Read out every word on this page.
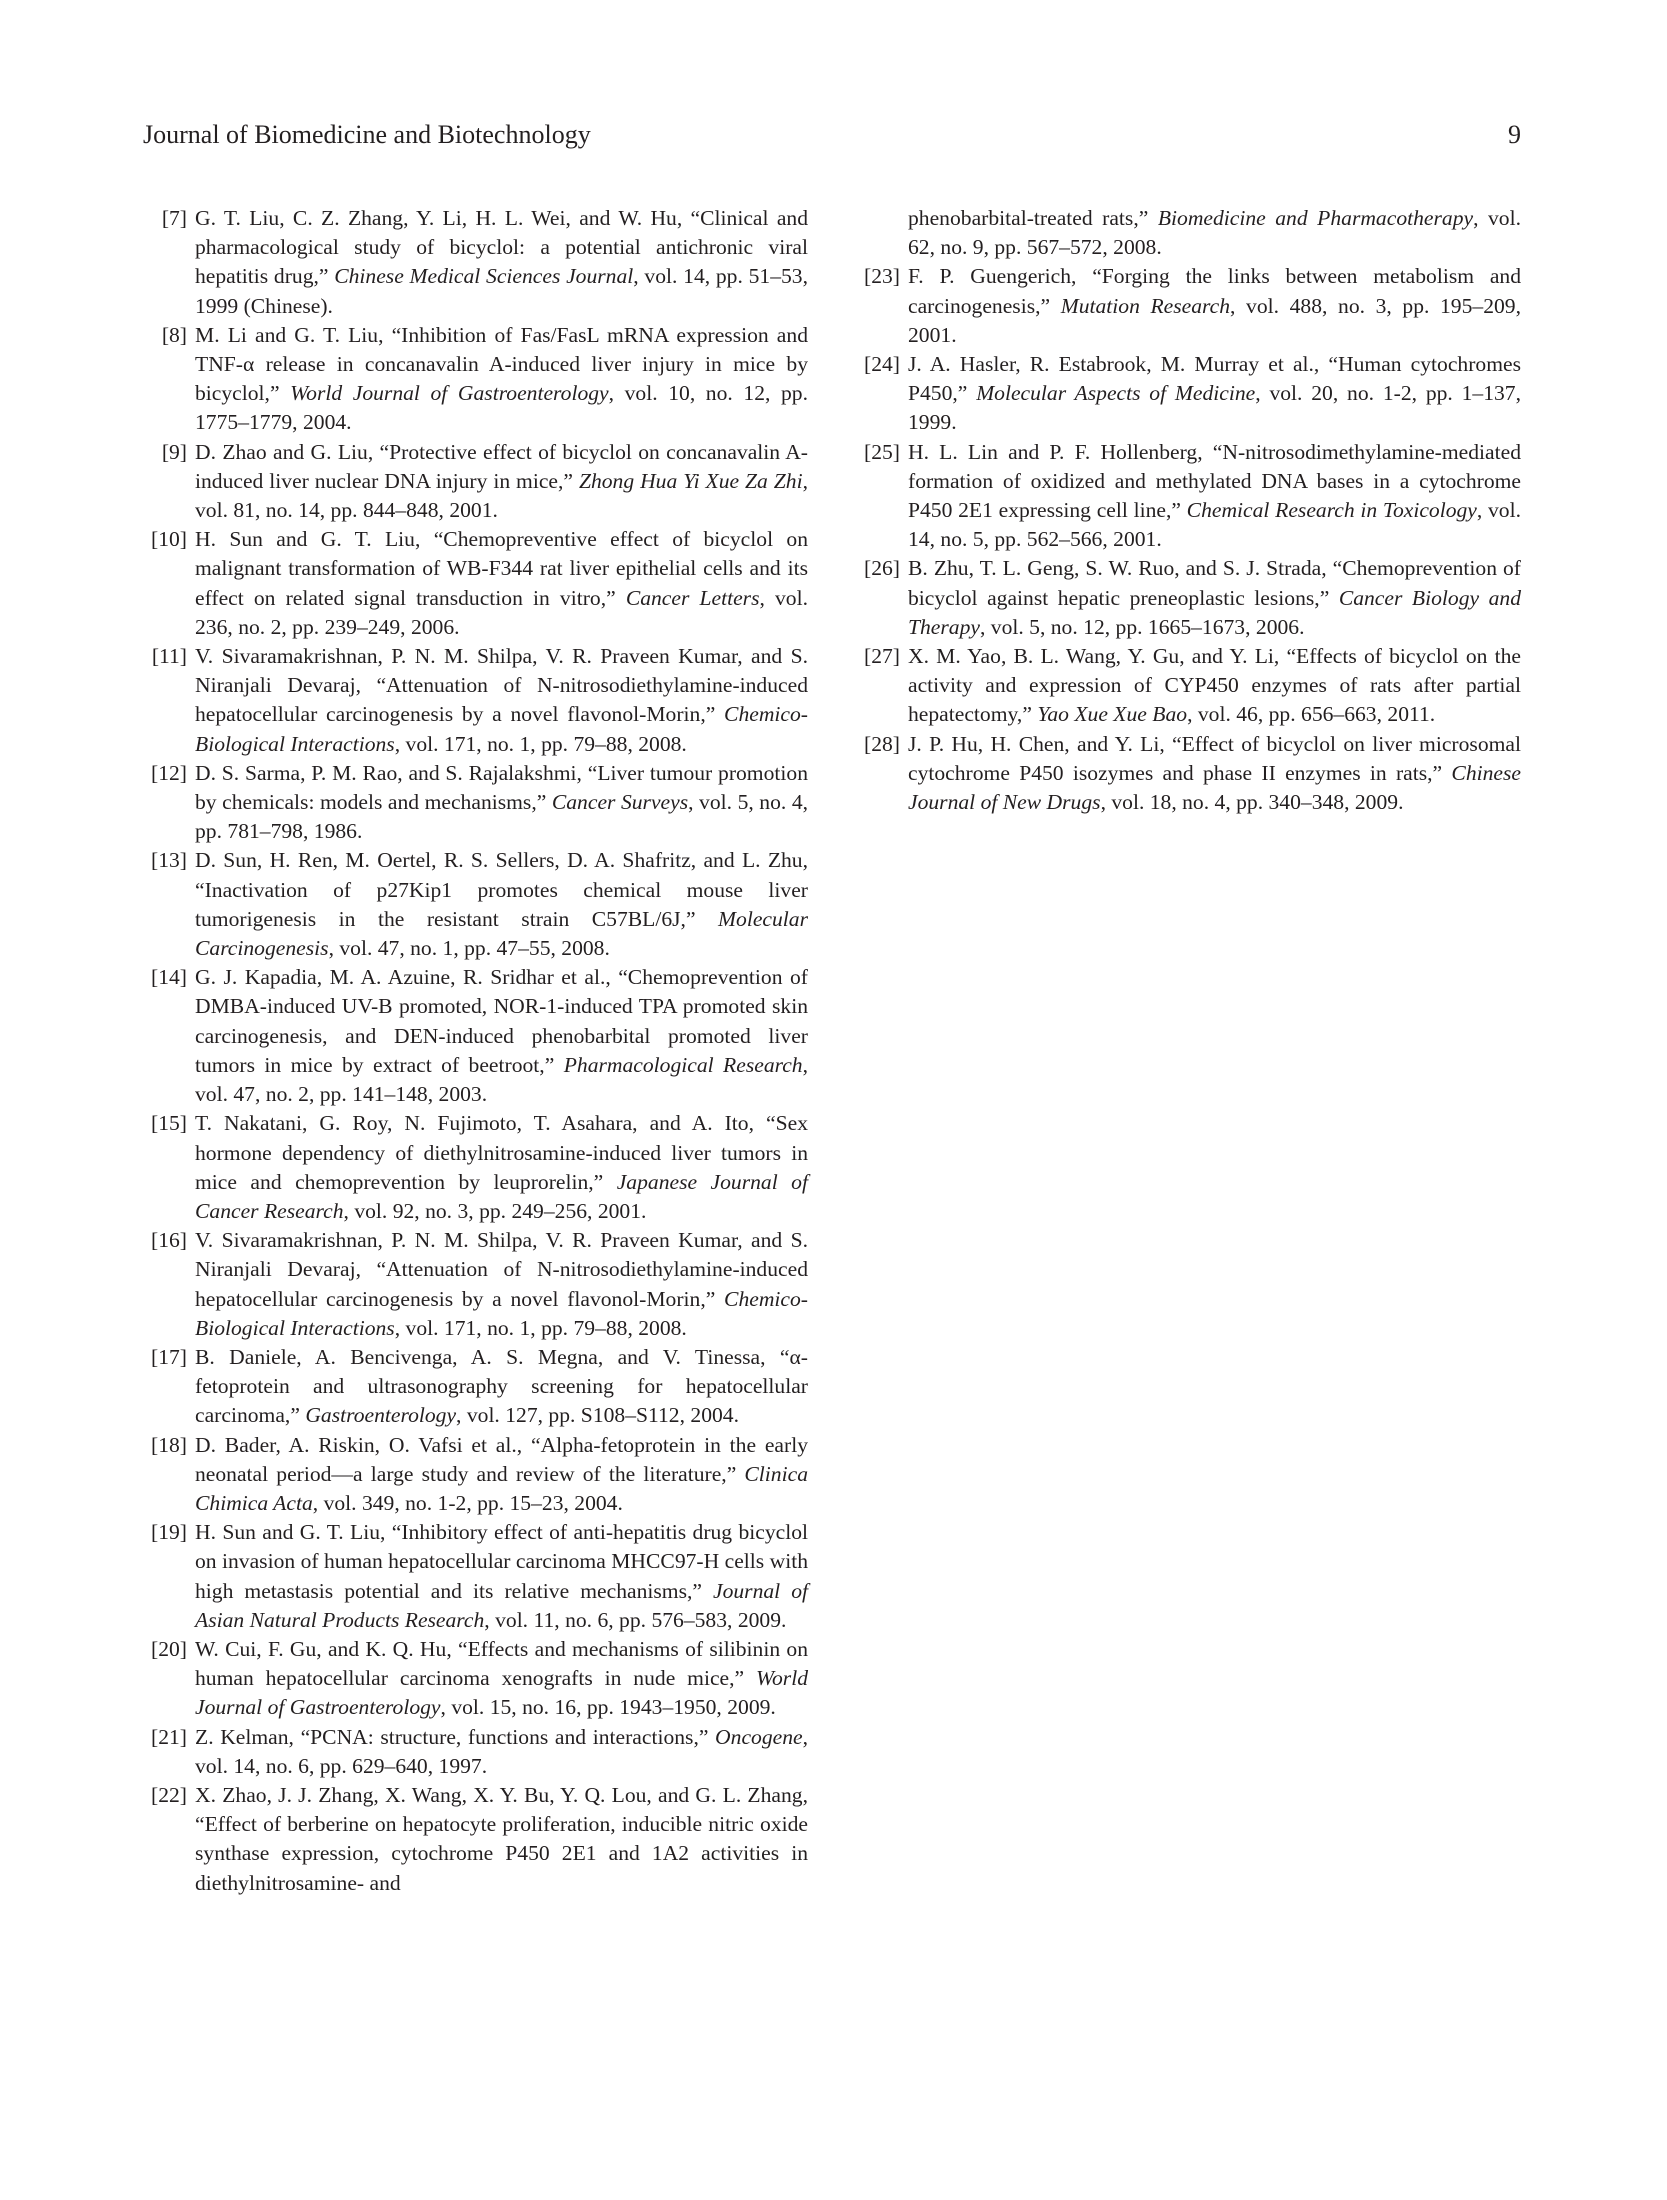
Journal of Biomedicine and Biotechnology	9
[7] G. T. Liu, C. Z. Zhang, Y. Li, H. L. Wei, and W. Hu, “Clinical and pharmacological study of bicyclol: a potential antichronic viral hepatitis drug,” Chinese Medical Sciences Journal, vol. 14, pp. 51–53, 1999 (Chinese).
[8] M. Li and G. T. Liu, “Inhibition of Fas/FasL mRNA expression and TNF-α release in concanavalin A-induced liver injury in mice by bicyclol,” World Journal of Gastroenterology, vol. 10, no. 12, pp. 1775–1779, 2004.
[9] D. Zhao and G. Liu, “Protective effect of bicyclol on concanavalin A-induced liver nuclear DNA injury in mice,” Zhong Hua Yi Xue Za Zhi, vol. 81, no. 14, pp. 844–848, 2001.
[10] H. Sun and G. T. Liu, “Chemopreventive effect of bicyclol on malignant transformation of WB-F344 rat liver epithelial cells and its effect on related signal transduction in vitro,” Cancer Letters, vol. 236, no. 2, pp. 239–249, 2006.
[11] V. Sivaramakrishnan, P. N. M. Shilpa, V. R. Praveen Kumar, and S. Niranjali Devaraj, “Attenuation of N-nitrosodiethylamine-induced hepatocellular carcinogenesis by a novel flavonol-Morin,” Chemico-Biological Interactions, vol. 171, no. 1, pp. 79–88, 2008.
[12] D. S. Sarma, P. M. Rao, and S. Rajalakshmi, “Liver tumour promotion by chemicals: models and mechanisms,” Cancer Surveys, vol. 5, no. 4, pp. 781–798, 1986.
[13] D. Sun, H. Ren, M. Oertel, R. S. Sellers, D. A. Shafritz, and L. Zhu, “Inactivation of p27Kip1 promotes chemical mouse liver tumorigenesis in the resistant strain C57BL/6J,” Molecular Carcinogenesis, vol. 47, no. 1, pp. 47–55, 2008.
[14] G. J. Kapadia, M. A. Azuine, R. Sridhar et al., “Chemoprevention of DMBA-induced UV-B promoted, NOR-1-induced TPA promoted skin carcinogenesis, and DEN-induced phenobarbital promoted liver tumors in mice by extract of beetroot,” Pharmacological Research, vol. 47, no. 2, pp. 141–148, 2003.
[15] T. Nakatani, G. Roy, N. Fujimoto, T. Asahara, and A. Ito, “Sex hormone dependency of diethylnitrosamine-induced liver tumors in mice and chemoprevention by leuprorelin,” Japanese Journal of Cancer Research, vol. 92, no. 3, pp. 249–256, 2001.
[16] V. Sivaramakrishnan, P. N. M. Shilpa, V. R. Praveen Kumar, and S. Niranjali Devaraj, “Attenuation of N-nitrosodiethylamine-induced hepatocellular carcinogenesis by a novel flavonol-Morin,” Chemico-Biological Interactions, vol. 171, no. 1, pp. 79–88, 2008.
[17] B. Daniele, A. Bencivenga, A. S. Megna, and V. Tinessa, “α-fetoprotein and ultrasonography screening for hepatocellular carcinoma,” Gastroenterology, vol. 127, pp. S108–S112, 2004.
[18] D. Bader, A. Riskin, O. Vafsi et al., “Alpha-fetoprotein in the early neonatal period—a large study and review of the literature,” Clinica Chimica Acta, vol. 349, no. 1-2, pp. 15–23, 2004.
[19] H. Sun and G. T. Liu, “Inhibitory effect of anti-hepatitis drug bicyclol on invasion of human hepatocellular carcinoma MHCC97-H cells with high metastasis potential and its relative mechanisms,” Journal of Asian Natural Products Research, vol. 11, no. 6, pp. 576–583, 2009.
[20] W. Cui, F. Gu, and K. Q. Hu, “Effects and mechanisms of silibinin on human hepatocellular carcinoma xenografts in nude mice,” World Journal of Gastroenterology, vol. 15, no. 16, pp. 1943–1950, 2009.
[21] Z. Kelman, “PCNA: structure, functions and interactions,” Oncogene, vol. 14, no. 6, pp. 629–640, 1997.
[22] X. Zhao, J. J. Zhang, X. Wang, X. Y. Bu, Y. Q. Lou, and G. L. Zhang, “Effect of berberine on hepatocyte proliferation, inducible nitric oxide synthase expression, cytochrome P450 2E1 and 1A2 activities in diethylnitrosamine- and
phenobarbital-treated rats,” Biomedicine and Pharmacotherapy, vol. 62, no. 9, pp. 567–572, 2008.
[23] F. P. Guengerich, “Forging the links between metabolism and carcinogenesis,” Mutation Research, vol. 488, no. 3, pp. 195–209, 2001.
[24] J. A. Hasler, R. Estabrook, M. Murray et al., “Human cytochromes P450,” Molecular Aspects of Medicine, vol. 20, no. 1-2, pp. 1–137, 1999.
[25] H. L. Lin and P. F. Hollenberg, “N-nitrosodimethylamine-mediated formation of oxidized and methylated DNA bases in a cytochrome P450 2E1 expressing cell line,” Chemical Research in Toxicology, vol. 14, no. 5, pp. 562–566, 2001.
[26] B. Zhu, T. L. Geng, S. W. Ruo, and S. J. Strada, “Chemoprevention of bicyclol against hepatic preneoplastic lesions,” Cancer Biology and Therapy, vol. 5, no. 12, pp. 1665–1673, 2006.
[27] X. M. Yao, B. L. Wang, Y. Gu, and Y. Li, “Effects of bicyclol on the activity and expression of CYP450 enzymes of rats after partial hepatectomy,” Yao Xue Xue Bao, vol. 46, pp. 656–663, 2011.
[28] J. P. Hu, H. Chen, and Y. Li, “Effect of bicyclol on liver microsomal cytochrome P450 isozymes and phase II enzymes in rats,” Chinese Journal of New Drugs, vol. 18, no. 4, pp. 340–348, 2009.
